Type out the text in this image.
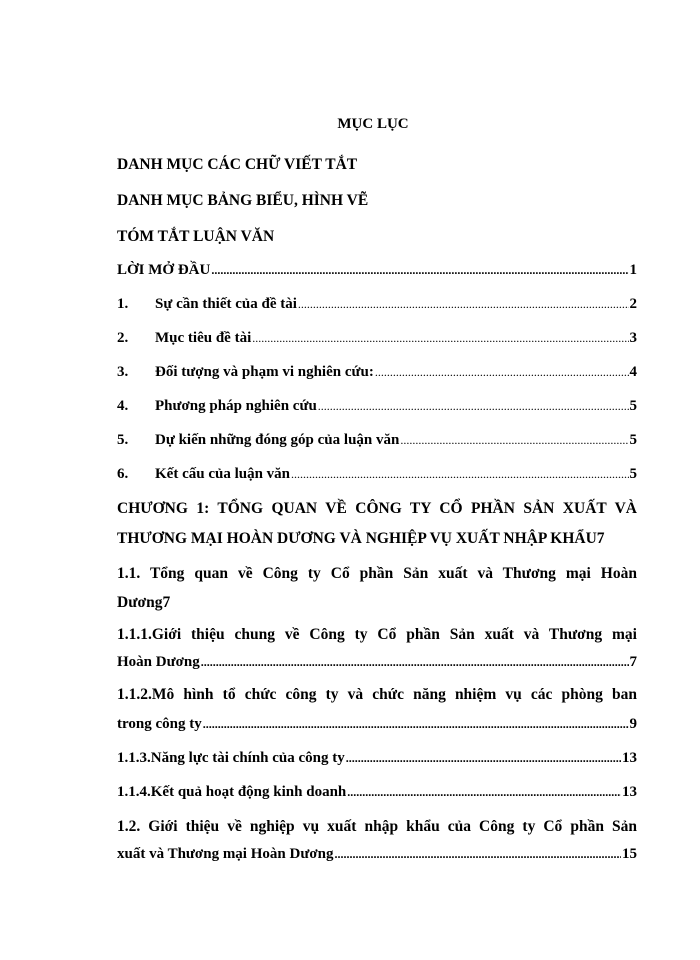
MỤC LỤC
DANH MỤC CÁC CHỮ VIẾT TẮT
DANH MỤC BẢNG BIỂU, HÌNH VẼ
TÓM TẮT LUẬN VĂN
LỜI MỞ ĐẦU .....	1
1.	Sự cần thiết của đề tài .....	2
2.	Mục tiêu đề tài .....	3
3.	Đối tượng và phạm vi nghiên cứu: .....	4
4.	Phương pháp nghiên cứu .....	5
5.	Dự kiến những đóng góp của luận văn .....	5
6.	Kết cấu của luận văn .....	5
CHƯƠNG 1: TỔNG QUAN VỀ CÔNG TY CỔ PHẦN SẢN XUẤT VÀ
THƯƠNG MẠI HOÀN DƯƠNG VÀ NGHIỆP VỤ XUẤT NHẬP KHẨU7
1.1. Tổng quan về Công ty Cổ phần Sản xuất và Thương mại Hoàn
Dương7
1.1.1.Giới thiệu chung về Công ty Cổ phần Sản xuất và Thương mại
Hoàn Dương .....	7
1.1.2.Mô hình tổ chức công ty và chức năng nhiệm vụ các phòng ban
trong công ty .....	9
1.1.3.Năng lực tài chính của công ty .....	13
1.1.4.Kết quả hoạt động kinh doanh .....	13
1.2. Giới thiệu về nghiệp vụ xuất nhập khẩu của Công ty Cổ phần Sản
xuất và Thương mại Hoàn Dương .....	15
